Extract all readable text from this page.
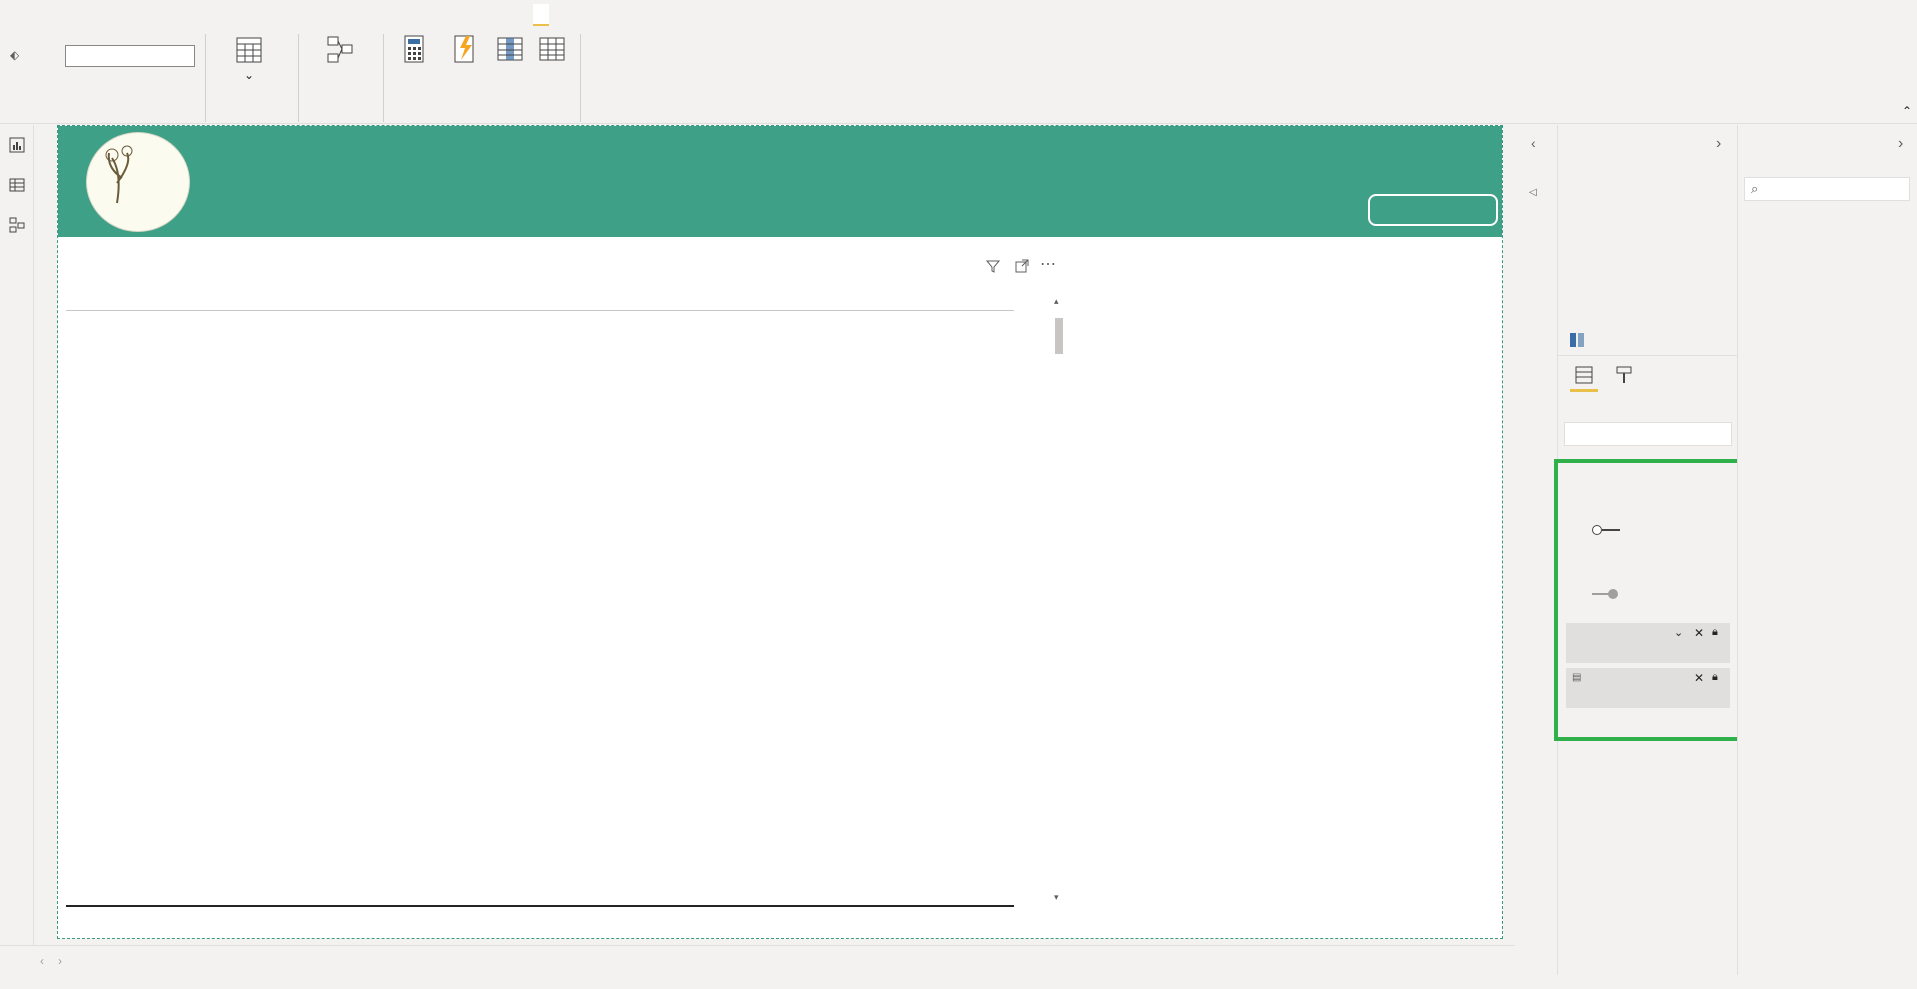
⬖
⌄
⌃
⋯
▴
▾

‹
◁
›
⌄ ✕ 🔒︎
▤	✕ 🔒︎
›
⌕
‹ ›
